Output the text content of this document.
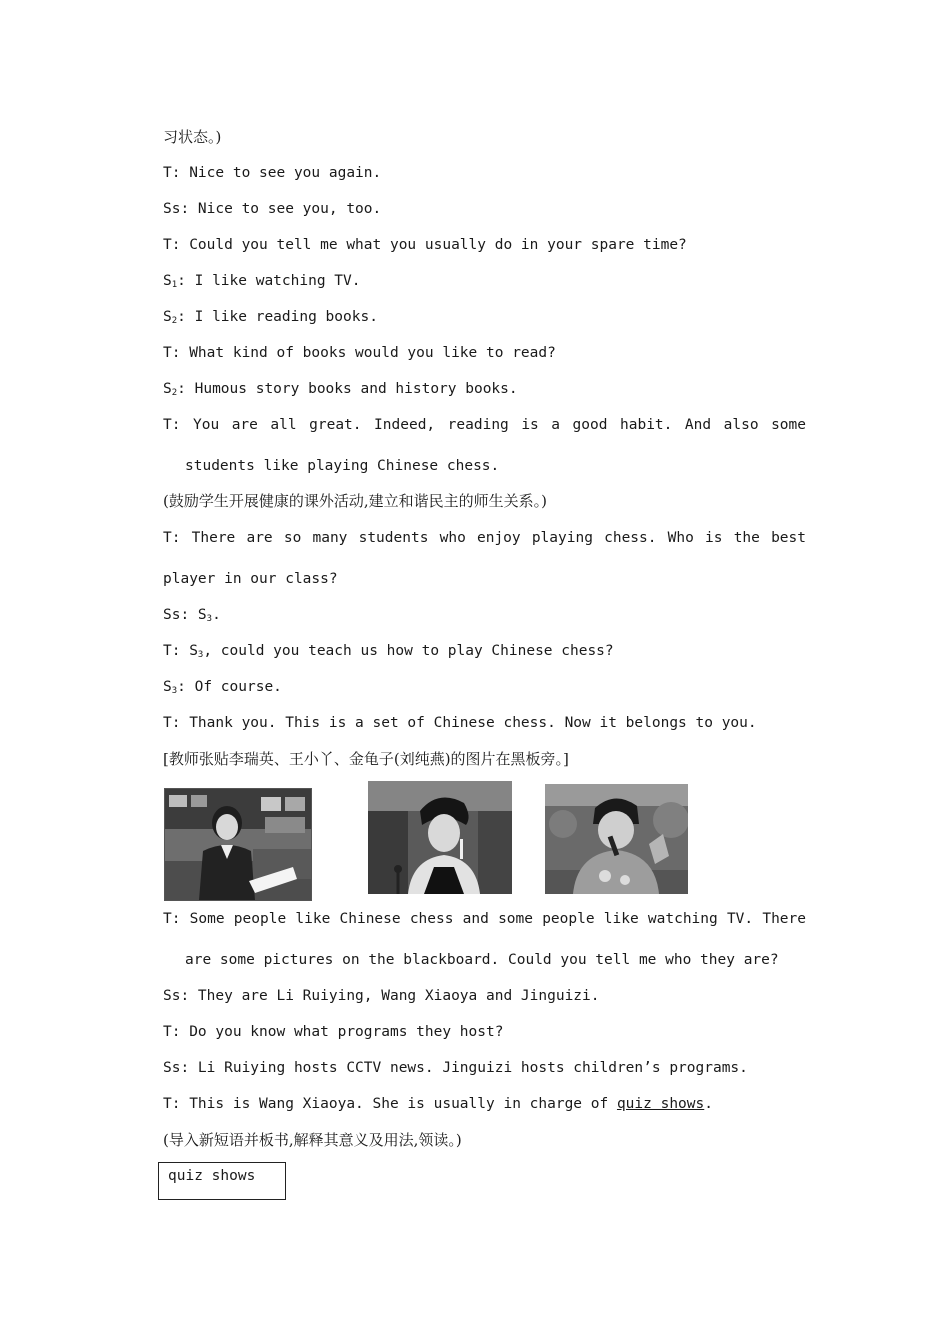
习状态。)
T: Nice to see you again.
Ss: Nice to see you, too.
T: Could you tell me what you usually do in your spare time?
$S_1$: I like watching TV.
$S_2$: I like reading books.
T: What kind of books would you like to read?
$S_2$: Humous story books and history books.
T: You are all great. Indeed, reading is a good habit. And also some
students like playing Chinese chess.
(鼓励学生开展健康的课外活动,建立和谐民主的师生关系。)
T: There are so many students who enjoy playing chess. Who is the best
player in our class?
Ss: $S_3$.
T: $S_3$, could you teach us how to play Chinese chess?
$S_3$: Of course.
T: Thank you. This is a set of Chinese chess. Now it belongs to you.
[教师张贴李瑞英、王小丫、金龟子(刘纯燕)的图片在黑板旁。]
T: Some people like Chinese chess and some people like watching TV. There
are some pictures on the blackboard. Could you tell me who they are?
Ss: They are Li Ruiying, Wang Xiaoya and Jinguizi.
T: Do you know what programs they host?
Ss: Li Ruiying hosts CCTV news. Jinguizi hosts children’s programs.
T: This is Wang Xiaoya. She is usually in charge of quiz shows.
(导入新短语并板书,解释其意义及用法,领读。)
quiz shows
